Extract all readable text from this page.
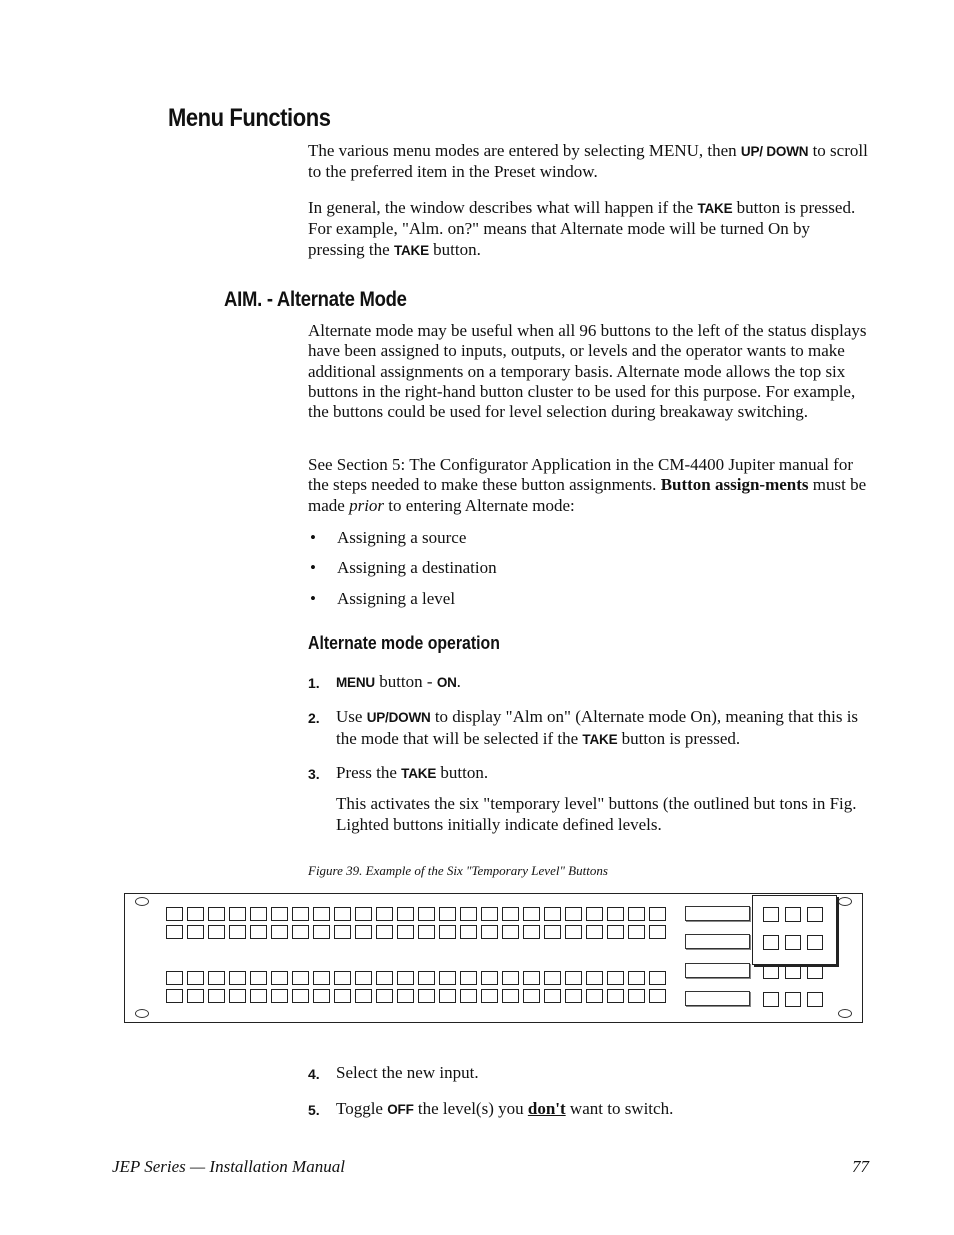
Menu Functions
The various menu modes are entered by selecting MENU, then UP/ DOWN to scroll to the preferred item in the Preset window.
In general, the window describes what will happen if the TAKE button is pressed. For example, "Alm. on?" means that Alternate mode will be turned On by pressing the TAKE button.
AIM. - Alternate Mode
Alternate mode may be useful when all 96 buttons to the left of the status displays have been assigned to inputs, outputs, or levels and the operator wants to make additional assignments on a temporary basis. Alternate mode allows the top six buttons in the right-hand button cluster to be used for this purpose. For example, the buttons could be used for level selection during breakaway switching.
See Section 5: The Configurator Application in the CM-4400 Jupiter manual for the steps needed to make these button assignments. Button assign-ments must be made prior to entering Alternate mode:
• Assigning a source
• Assigning a destination
• Assigning a level
Alternate mode operation
1. MENU button - ON.
2. Use UP/DOWN to display "Alm on" (Alternate mode On), meaning that this is the mode that will be selected if the TAKE button is pressed.
3. Press the TAKE button.
This activates the six "temporary level" buttons (the outlined but tons in Fig. Lighted buttons initially indicate defined levels.
Figure 39. Example of the Six "Temporary Level" Buttons
4. Select the new input.
5. Toggle OFF the level(s) you don't want to switch.
JEP Series — Installation Manual	77
